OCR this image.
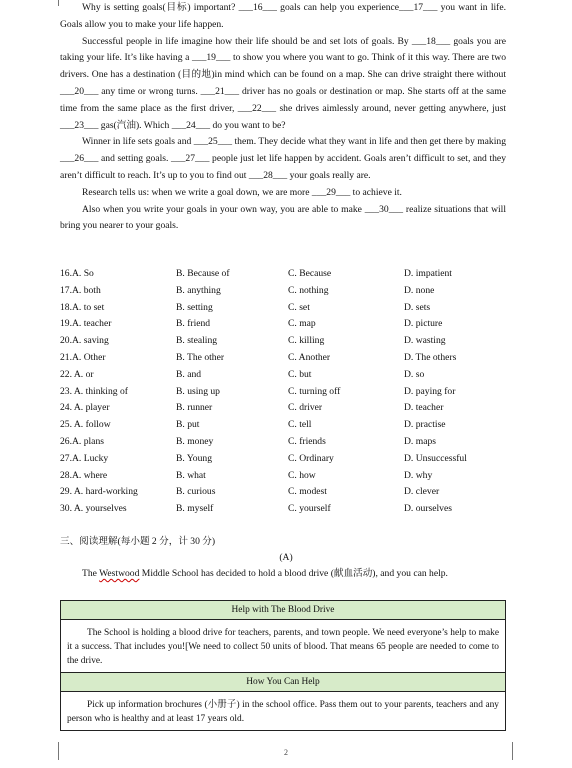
Why is setting goals(目标) important? ___16___ goals can help you experience___17___ you want in life. Goals allow you to make your life happen.

Successful people in life imagine how their life should be and set lots of goals. By ___18___ goals you are taking your life. It’s like having a ___19___ to show you where you want to go. Think of it this way. There are two drivers. One has a destination (目的地)in mind which can be found on a map. She can drive straight there without ___20___ any time or wrong turns. ___21___ driver has no goals or destination or map. She starts off at the same time from the same place as the first driver, ___22___ she drives aimlessly around, never getting anywhere, just ___23___ gas(汽油). Which ___24___ do you want to be?

Winner in life sets goals and ___25___ them. They decide what they want in life and then get there by making ___26___ and setting goals. ___27___ people just let life happen by accident. Goals aren’t difficult to set, and they aren’t difficult to reach. It’s up to you to find out ___28___ your goals really are.

Research tells us: when we write a goal down, we are more ___29___ to achieve it.

Also when you write your goals in your own way, you are able to make ___30___ realize situations that will bring you nearer to your goals.

16.A. So	B. Because of	C. Because	D. impatient
17.A. both	B. anything	C. nothing	D. none
18.A. to set	B. setting	C. set	D. sets
19.A. teacher	B. friend	C. map	D. picture
20.A. saving	B. stealing	C. killing	D. wasting
21.A. Other	B. The other	C. Another	D. The others
22. A. or	B. and	C. but	D. so
23. A. thinking of	B. using up	C. turning off	D. paying for
24. A. player	B. runner	C. driver	D. teacher
25. A. follow	B. put	C. tell	D. practise
26.A. plans	B. money	C. friends	D. maps
27.A. Lucky	B. Young	C. Ordinary	D. Unsuccessful
28.A. where	B. what	C. how	D. why
29. A. hard-working	B. curious	C. modest	D. clever
30. A. yourselves	B. myself	C. yourself	D. ourselves
三、阅读理解(每小题 2 分，计 30 分)
(A)
The Westwood Middle School has decided to hold a blood drive (献血活动), and you can help.
Help with The Blood Drive
The School is holding a blood drive for teachers, parents, and town people. We need everyone’s help to make it a success. That includes you![We need to collect 50 units of blood. That means 65 people are needed to come to the drive.
How You Can Help
Pick up information brochures (小册子) in the school office. Pass them out to your parents, teachers and any person who is healthy and at least 17 years old.
2
